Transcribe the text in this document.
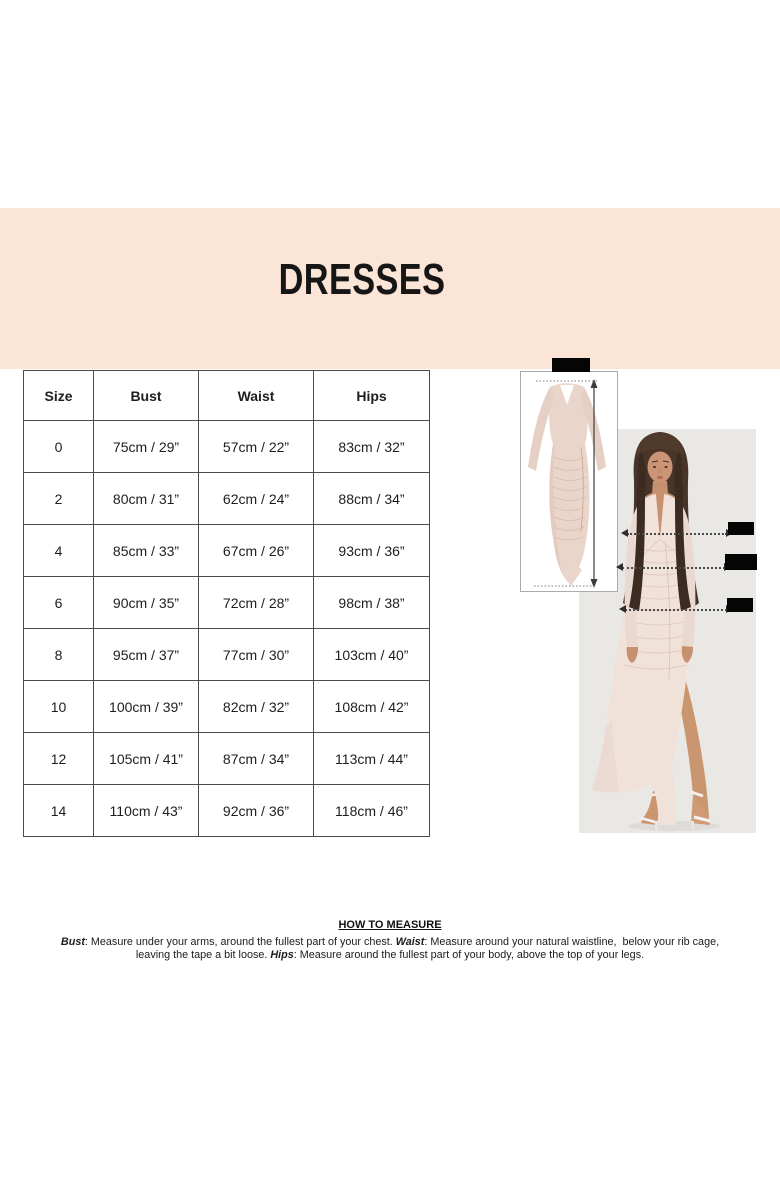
DRESSES
Size	Bust	Waist	Hips
0	75cm / 29”	57cm / 22”	83cm / 32”
2	80cm / 31”	62cm / 24”	88cm / 34”
4	85cm / 33”	67cm / 26”	93cm / 36”
6	90cm / 35”	72cm / 28”	98cm / 38”
8	95cm / 37”	77cm / 30”	103cm / 40”
10	100cm / 39”	82cm / 32”	108cm / 42”
12	105cm / 41”	87cm / 34”	113cm / 44”
14	110cm / 43”	92cm / 36”	118cm / 46”
HOW TO MEASURE

Bust: Measure under your arms, around the fullest part of your chest. Waist: Measure around your natural waistline,  below your rib cage, leaving the tape a bit loose. Hips: Measure around the fullest part of your body, above the top of your legs.
